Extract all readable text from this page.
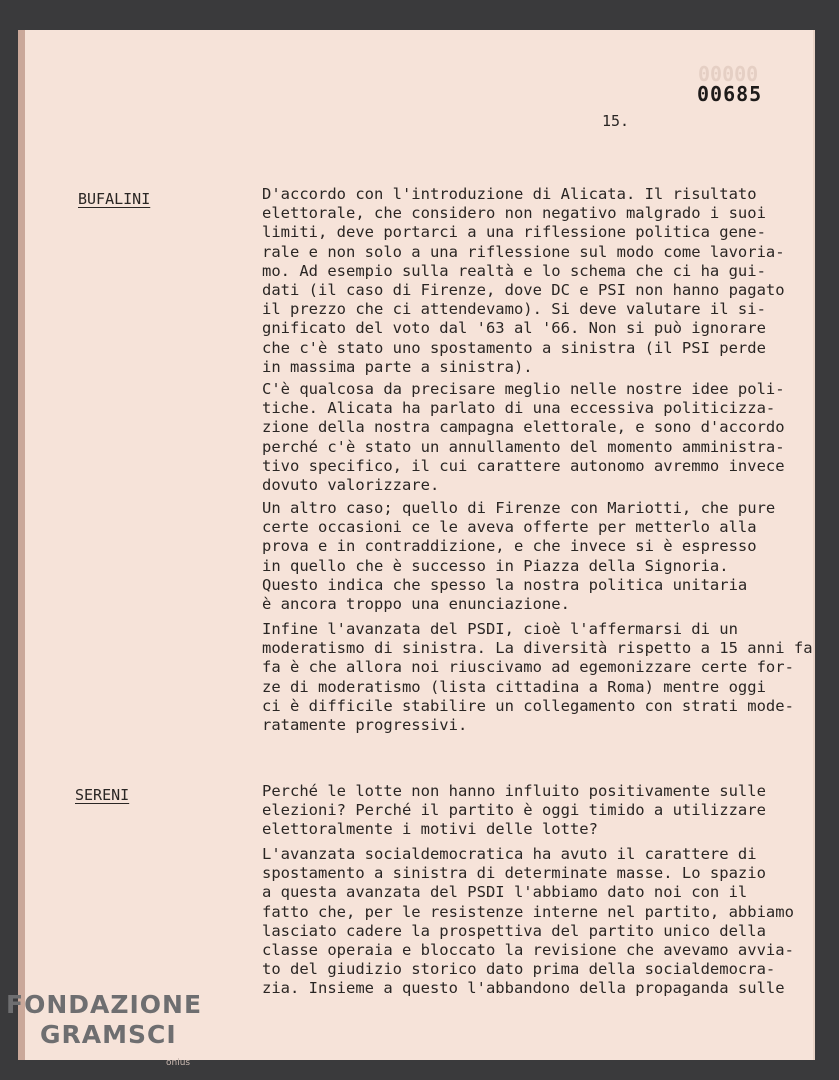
00000
00685
15.
BUFALINI	D'accordo con l'introduzione di Alicata. Il risultato
elettorale, che considero non negativo malgrado i suoi
limiti, deve portarci a una riflessione politica gene-
rale e non solo a una riflessione sul modo come lavoria-
mo. Ad esempio sulla realtà e lo schema che ci ha gui-
dati (il caso di Firenze, dove DC e PSI non hanno pagato
il prezzo che ci attendevamo). Si deve valutare il si-
gnificato del voto dal '63 al '66. Non si può ignorare
che c'è stato uno spostamento a sinistra (il PSI perde
in massima parte a sinistra).
C'è qualcosa da precisare meglio nelle nostre idee poli-
tiche. Alicata ha parlato di una eccessiva politicizza-
zione della nostra campagna elettorale, e sono d'accordo
perché c'è stato un annullamento del momento amministra-
tivo specifico, il cui carattere autonomo avremmo invece
dovuto valorizzare.
Un altro caso; quello di Firenze con Mariotti, che pure
certe occasioni ce le aveva offerte per metterlo alla
prova e in contraddizione, e che invece si è espresso
in quello che è successo in Piazza della Signoria.
Questo indica che spesso la nostra politica unitaria
è ancora troppo una enunciazione.
Infine l'avanzata del PSDI, cioè l'affermarsi di un
moderatismo di sinistra. La diversità rispetto a 15 anni fa
fa è che allora noi riuscivamo ad egemonizzare certe for-
ze di moderatismo (lista cittadina a Roma) mentre oggi
ci è difficile stabilire un collegamento con strati mode-
ratamente progressivi.
SERENI	Perché le lotte non hanno influito positivamente sulle
elezioni? Perché il partito è oggi timido a utilizzare
elettoralmente i motivi delle lotte?
L'avanzata socialdemocratica ha avuto il carattere di
spostamento a sinistra di determinate masse. Lo spazio
a questa avanzata del PSDI l'abbiamo dato noi con il
fatto che, per le resistenze interne nel partito, abbiamo
lasciato cadere la prospettiva del partito unico della
classe operaia e bloccato la revisione che avevamo avvia-
to del giudizio storico dato prima della socialdemocra-
zia. Insieme a questo l'abbandono della propaganda sulle
FONDAZIONE
GRAMSCI
onlus
